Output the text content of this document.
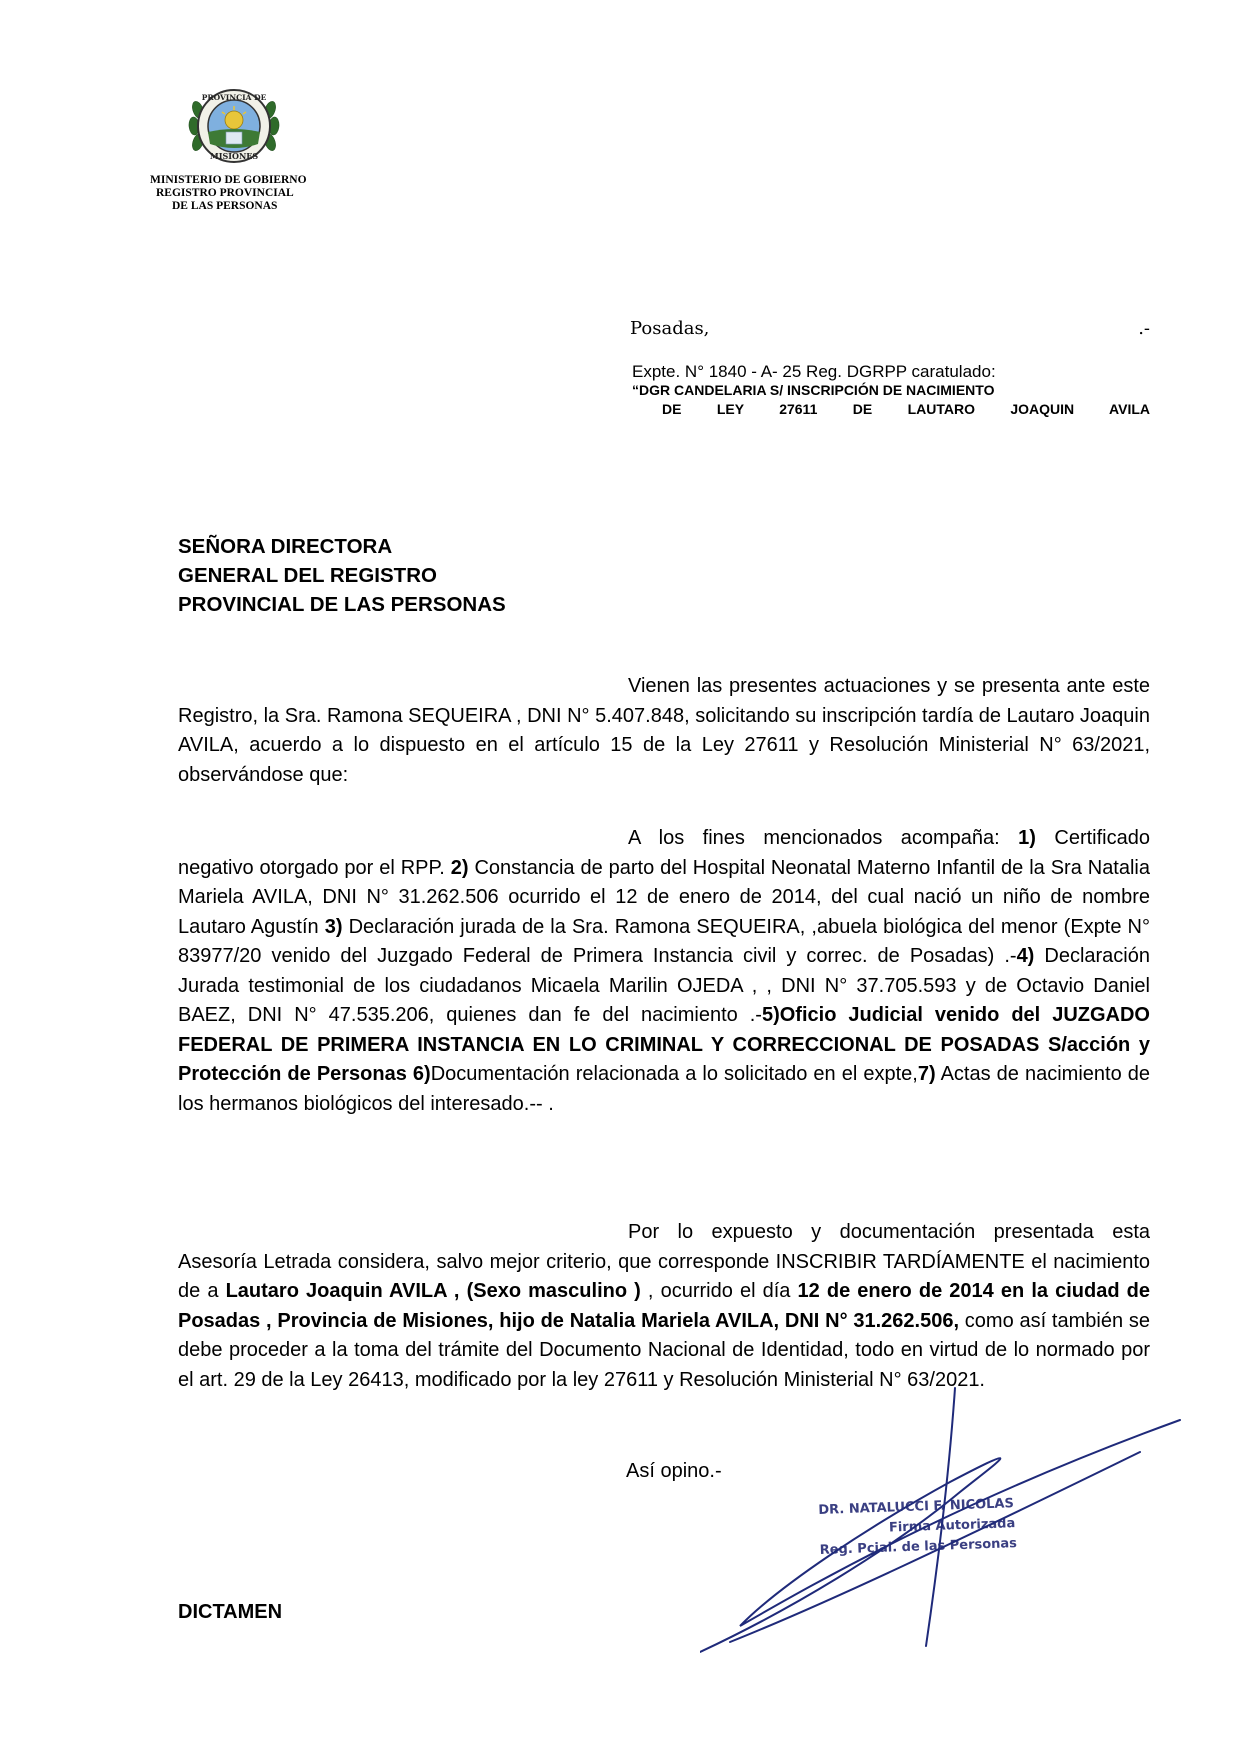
PROVINCIA DE
MISIONES
MINISTERIO DE GOBIERNO
REGISTRO PROVINCIAL
DE LAS PERSONAS
Posadas,	.-
Expte. N° 1840 - A- 25 Reg. DGRPP caratulado:
“DGR CANDELARIA S/ INSCRIPCIÓN DE NACIMIENTO
DE LEY 27611 DE LAUTARO JOAQUIN AVILA
SEÑORA DIRECTORA
GENERAL DEL REGISTRO
PROVINCIAL DE LAS PERSONAS
Vienen las presentes actuaciones y se presenta ante este Registro, la Sra. Ramona SEQUEIRA , DNI N° 5.407.848, solicitando su inscripción tardía de Lautaro Joaquin AVILA, acuerdo a lo dispuesto en el artículo 15 de la Ley 27611 y Resolución Ministerial N° 63/2021, observándose que:
A los fines mencionados acompaña: 1) Certificado negativo otorgado por el RPP. 2) Constancia de parto del Hospital Neonatal Materno Infantil de la Sra Natalia Mariela AVILA, DNI N° 31.262.506 ocurrido el 12 de enero de 2014, del cual nació un niño de nombre Lautaro Agustín 3) Declaración jurada de la Sra. Ramona SEQUEIRA, ,abuela biológica del menor (Expte N° 83977/20 venido del Juzgado Federal de Primera Instancia civil y correc. de Posadas) .-4) Declaración Jurada testimonial de los ciudadanos Micaela Marilin OJEDA , , DNI N° 37.705.593 y de Octavio Daniel BAEZ, DNI N° 47.535.206, quienes dan fe del nacimiento .-5)Oficio Judicial venido del JUZGADO FEDERAL DE PRIMERA INSTANCIA EN LO CRIMINAL Y CORRECCIONAL DE POSADAS S/acción y Protección de Personas 6)Documentación relacionada a lo solicitado en el expte,7) Actas de nacimiento de los hermanos biológicos del interesado.-- .
Por lo expuesto y documentación presentada esta Asesoría Letrada considera, salvo mejor criterio, que corresponde INSCRIBIR TARDÍAMENTE el nacimiento de a Lautaro Joaquin AVILA , (Sexo masculino ) , ocurrido el día 12 de enero de 2014 en la ciudad de Posadas , Provincia de Misiones, hijo de Natalia Mariela AVILA, DNI N° 31.262.506, como así también se debe proceder a la toma del trámite del Documento Nacional de Identidad, todo en virtud de lo normado por el art. 29 de la Ley 26413, modificado por la ley 27611 y Resolución Ministerial N° 63/2021.
Así opino.-
DR. NATALUCCI F. NICOLAS
Firma Autorizada
Reg. Pcial. de las Personas
DICTAMEN
